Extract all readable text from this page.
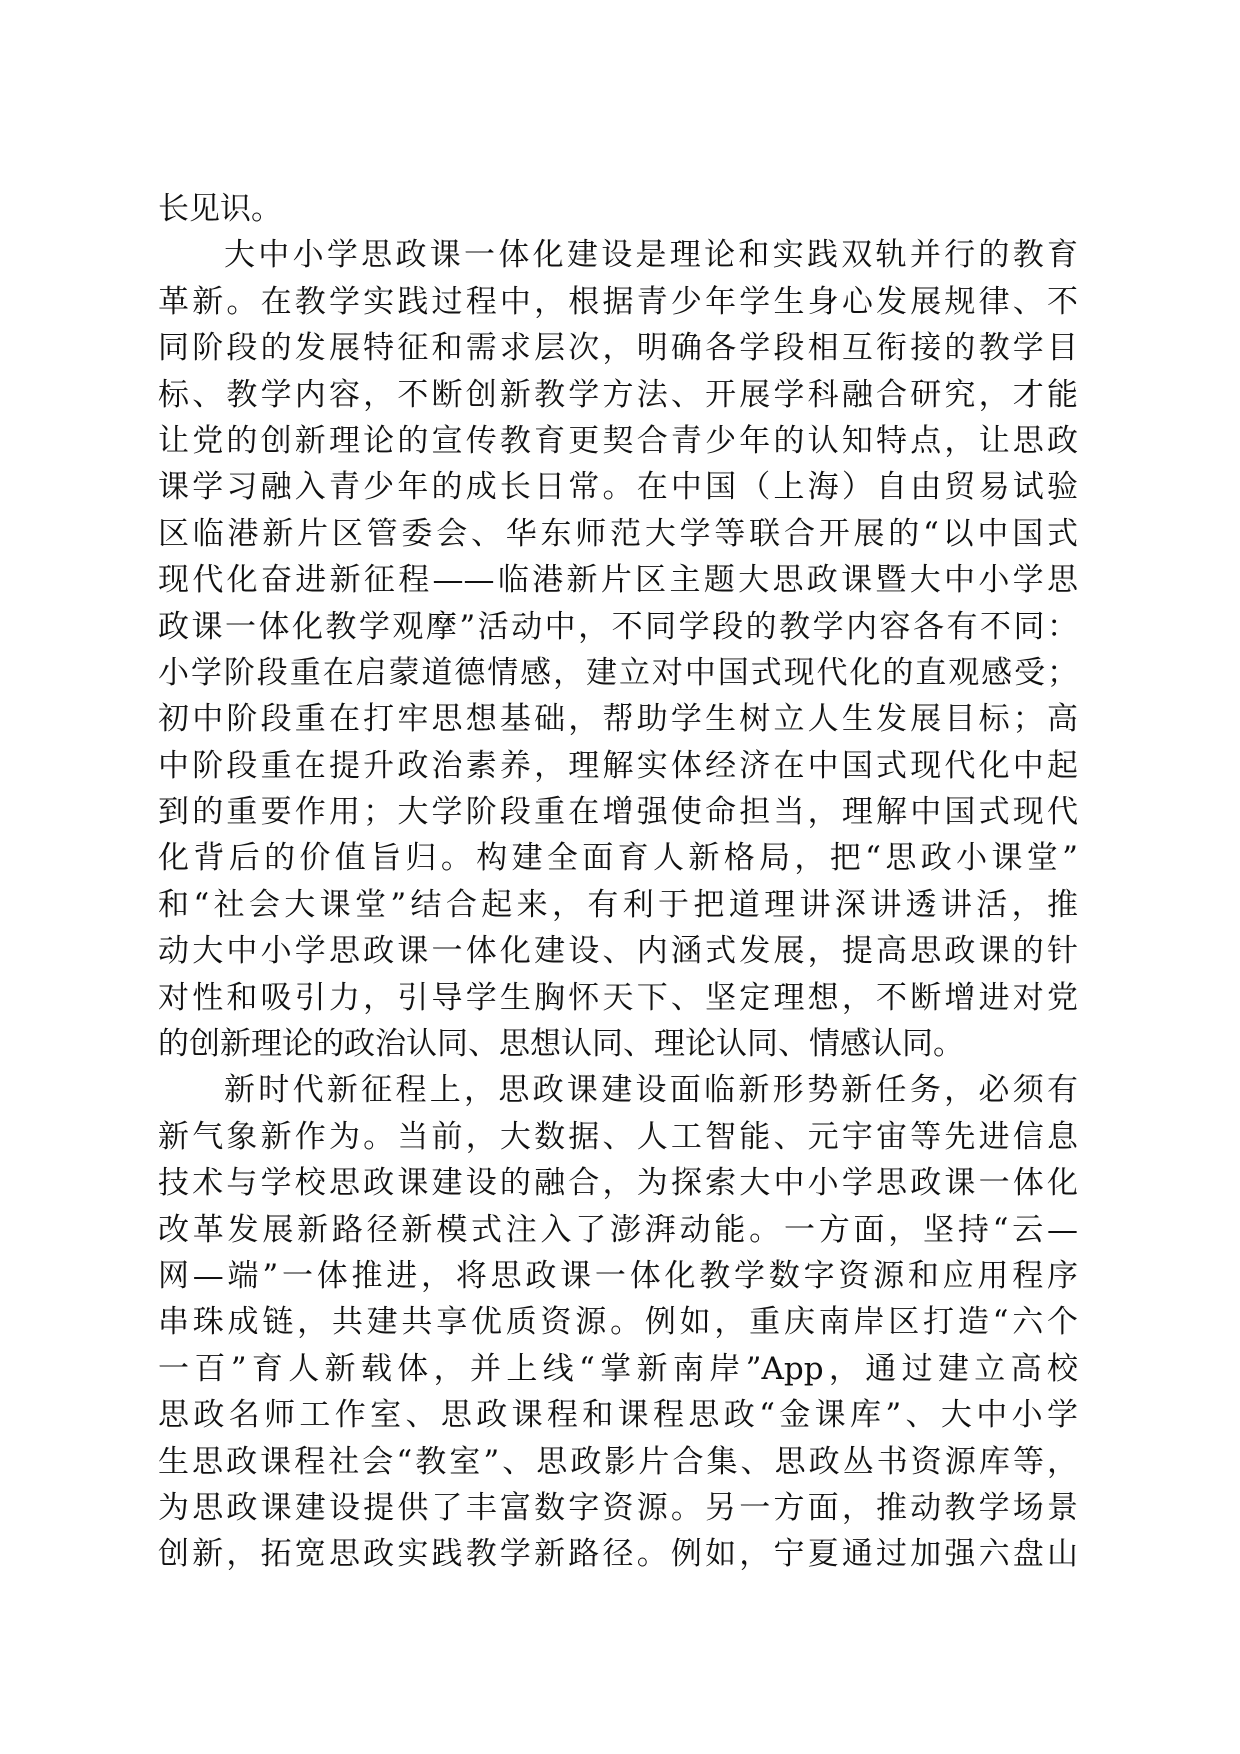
长见识。
大中小学思政课一体化建设是理论和实践双轨并行的教育
革新。在教学实践过程中，根据青少年学生身心发展规律、不
同阶段的发展特征和需求层次，明确各学段相互衔接的教学目
标、教学内容，不断创新教学方法、开展学科融合研究，才能
让党的创新理论的宣传教育更契合青少年的认知特点，让思政
课学习融入青少年的成长日常。在中国（上海）自由贸易试验
区临港新片区管委会、华东师范大学等联合开展的“以中国式
现代化奋进新征程——临港新片区主题大思政课暨大中小学思
政课一体化教学观摩”活动中，不同学段的教学内容各有不同：
小学阶段重在启蒙道德情感，建立对中国式现代化的直观感受；
初中阶段重在打牢思想基础，帮助学生树立人生发展目标；高
中阶段重在提升政治素养，理解实体经济在中国式现代化中起
到的重要作用；大学阶段重在增强使命担当，理解中国式现代
化背后的价值旨归。构建全面育人新格局，把“思政小课堂”
和“社会大课堂”结合起来，有利于把道理讲深讲透讲活，推
动大中小学思政课一体化建设、内涵式发展，提高思政课的针
对性和吸引力，引导学生胸怀天下、坚定理想，不断增进对党
的创新理论的政治认同、思想认同、理论认同、情感认同。
新时代新征程上，思政课建设面临新形势新任务，必须有
新气象新作为。当前，大数据、人工智能、元宇宙等先进信息
技术与学校思政课建设的融合，为探索大中小学思政课一体化
改革发展新路径新模式注入了澎湃动能。一方面，坚持“云—
网—端”一体推进，将思政课一体化教学数字资源和应用程序
串珠成链，共建共享优质资源。例如，重庆南岸区打造“六个
一百”育人新载体，并上线“掌新南岸”App，通过建立高校
思政名师工作室、思政课程和课程思政“金课库”、大中小学
生思政课程社会“教室”、思政影片合集、思政丛书资源库等，
为思政课建设提供了丰富数字资源。另一方面，推动教学场景
创新，拓宽思政实践教学新路径。例如，宁夏通过加强六盘山
